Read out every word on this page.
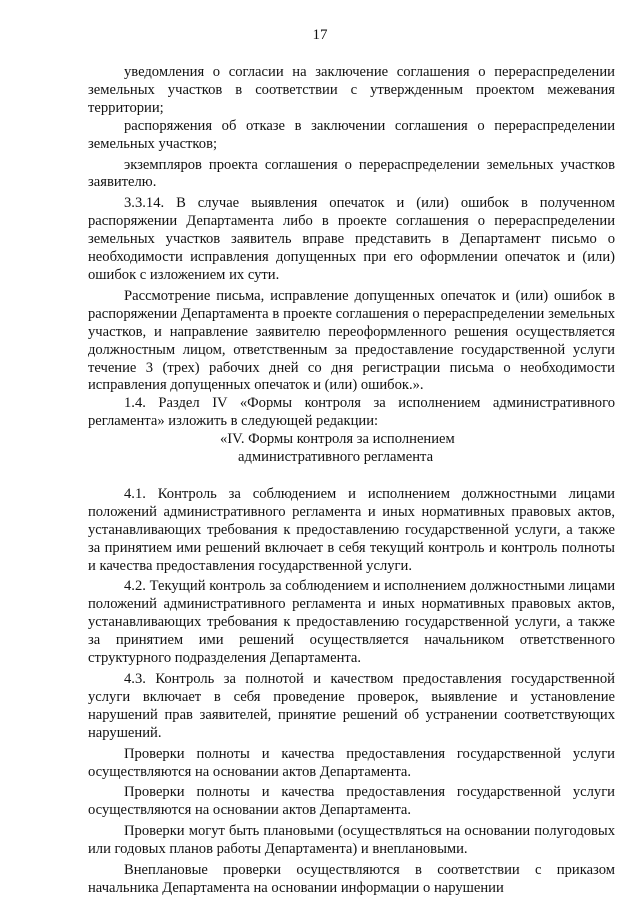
17

уведомления о согласии на заключение соглашения о перераспределении земельных участков в соответствии с утвержденным проектом межевания территории;

распоряжения об отказе в заключении соглашения о перераспределении земельных участков;

экземпляров проекта соглашения о перераспределении земельных участков заявителю.

3.3.14. В случае выявления опечаток и (или) ошибок в полученном распоряжении Департамента либо в проекте соглашения о перераспределении земельных участков заявитель вправе представить в Департамент письмо о необходимости исправления допущенных при его оформлении опечаток и (или) ошибок с изложением их сути.

Рассмотрение письма, исправление допущенных опечаток и (или) ошибок в распоряжении Департамента в проекте соглашения о перераспределении земельных участков, и направление заявителю переоформленного решения осуществляется должностным лицом, ответственным за предоставление государственной услуги течение 3 (трех) рабочих дней со дня регистрации письма о необходимости исправления допущенных опечаток и (или) ошибок.».

1.4. Раздел IV «Формы контроля за исполнением административного регламента» изложить в следующей редакции:

«IV. Формы контроля за исполнением
административного регламента

4.1. Контроль за соблюдением и исполнением должностными лицами положений административного регламента и иных нормативных правовых актов, устанавливающих требования к предоставлению государственной услуги, а также за принятием ими решений включает в себя текущий контроль и контроль полноты и качества предоставления государственной услуги.

4.2. Текущий контроль за соблюдением и исполнением должностными лицами положений административного регламента и иных нормативных правовых актов, устанавливающих требования к предоставлению государственной услуги, а также за принятием ими решений осуществляется начальником ответственного структурного подразделения Департамента.

4.3. Контроль за полнотой и качеством предоставления государственной услуги включает в себя проведение проверок, выявление и установление нарушений прав заявителей, принятие решений об устранении соответствующих нарушений.

Проверки полноты и качества предоставления государственной услуги осуществляются на основании актов Департамента.

Проверки полноты и качества предоставления государственной услуги осуществляются на основании актов Департамента.

Проверки могут быть плановыми (осуществляться на основании полугодовых или годовых планов работы Департамента) и внеплановыми.

Внеплановые проверки осуществляются в соответствии с приказом начальника Департамента на основании информации о нарушении
